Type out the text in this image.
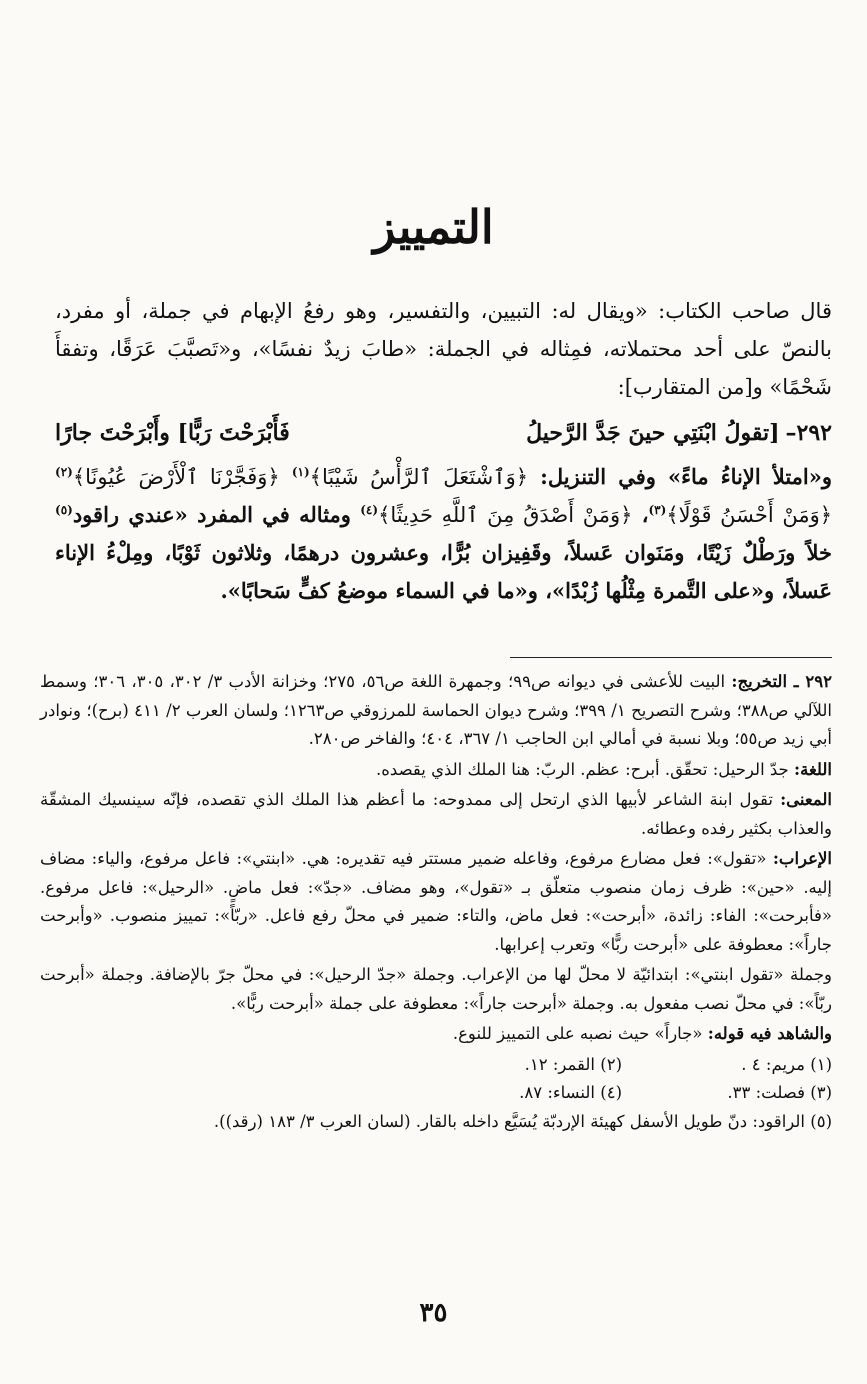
التمييز

قال صاحب الكتاب: «ويقال له: التبيين، والتفسير، وهو رفعُ الإبهام في جملة، أو مفرد، بالنصّ على أحد محتملاته، فمِثاله في الجملة: «طابَ زيدٌ نفسًا»، و«تَصبَّبَ عَرَقًا، وتفقأَ شَحْمًا» و[من المتقارب]:

٢٩٢–[تقولُ ابْنَتِي حينَ جَدَّ الرَّحيلُ
فَأَبْرَحْتَ رَبًّا] وأَبْرَحْتَ جارًا

و«امتلأ الإناءُ ماءً» وفي التنزيل: ﴿وَٱشْتَعَلَ ٱلرَّأْسُ شَيْبًا﴾$^{(١)}$ ﴿وَفَجَّرْنَا ٱلْأَرْضَ عُيُونًا﴾$^{(٢)}$ ﴿وَمَنْ أَحْسَنُ قَوْلًا﴾$^{(٣)}$، ﴿وَمَنْ أَصْدَقُ مِنَ ٱللَّهِ حَدِيثًا﴾$^{(٤)}$ ومثاله في المفرد «عندي راقود$^{(٥)}$ خلاً ورَطْلٌ زَيْتًا، ومَنَوان عَسلاً، وقَفِيزان بُرًّا، وعشرون درهمًا، وثلاثون ثَوْبًا، ومِلْءُ الإناء عَسلاً، و«على التَّمرة مِثْلُها زُبْدًا»، و«ما في السماء موضعُ كفٍّ سَحابًا».

٢٩٢ ـ التخريج: البيت للأعشى في ديوانه ص٩٩؛ وجمهرة اللغة ص٥٦، ٢٧٥؛ وخزانة الأدب ٣/ ٣٠٢، ٣٠٥، ٣٠٦؛ وسمط اللآلي ص٣٨٨؛ وشرح التصريح ١/ ٣٩٩؛ وشرح ديوان الحماسة للمرزوقي ص١٢٦٣؛ ولسان العرب ٢/ ٤١١ (برح)؛ ونوادر أبي زيد ص٥٥؛ وبلا نسبة في أمالي ابن الحاجب ١/ ٣٦٧، ٤٠٤؛ والفاخر ص٢٨٠.

اللغة: جدّ الرحيل: تحقّق. أبرح: عظم. الربّ: هنا الملك الذي يقصده.

المعنى: تقول ابنة الشاعر لأبيها الذي ارتحل إلى ممدوحه: ما أعظم هذا الملك الذي تقصده، فإنّه سينسيك المشقّة والعذاب بكثير رفده وعطائه.

الإعراب: «تقول»: فعل مضارع مرفوع، وفاعله ضمير مستتر فيه تقديره: هي. «ابنتي»: فاعل مرفوع، والياء: مضاف إليه. «حين»: ظرف زمان منصوب متعلّق بـ «تقول»، وهو مضاف. «جدّ»: فعل ماضٍ. «الرحيل»: فاعل مرفوع. «فأبرحت»: الفاء: زائدة، «أبرحت»: فعل ماض، والتاء: ضمير في محلّ رفع فاعل. «ربّاً»: تمييز منصوب. «وأبرحت جاراً»: معطوفة على «أبرحت ربًّا» وتعرب إعرابها.

وجملة «تقول ابنتي»: ابتدائيّة لا محلّ لها من الإعراب. وجملة «جدّ الرحيل»: في محلّ جرّ بالإضافة. وجملة «أبرحت ربّاً»: في محلّ نصب مفعول به. وجملة «أبرحت جاراً»: معطوفة على جملة «أبرحت ربًّا».

والشاهد فيه قوله: «جاراً» حيث نصبه على التمييز للنوع.

(١) مريم: ٤ .
(٢) القمر: ١٢.
(٣) فصلت: ٣٣.
(٤) النساء: ٨٧.

(٥) الراقود: دنّ طويل الأسفل كهيئة الإردبّة يُسَيَّع داخله بالقار. (لسان العرب ٣/ ١٨٣ (رقد)).

٣٥
